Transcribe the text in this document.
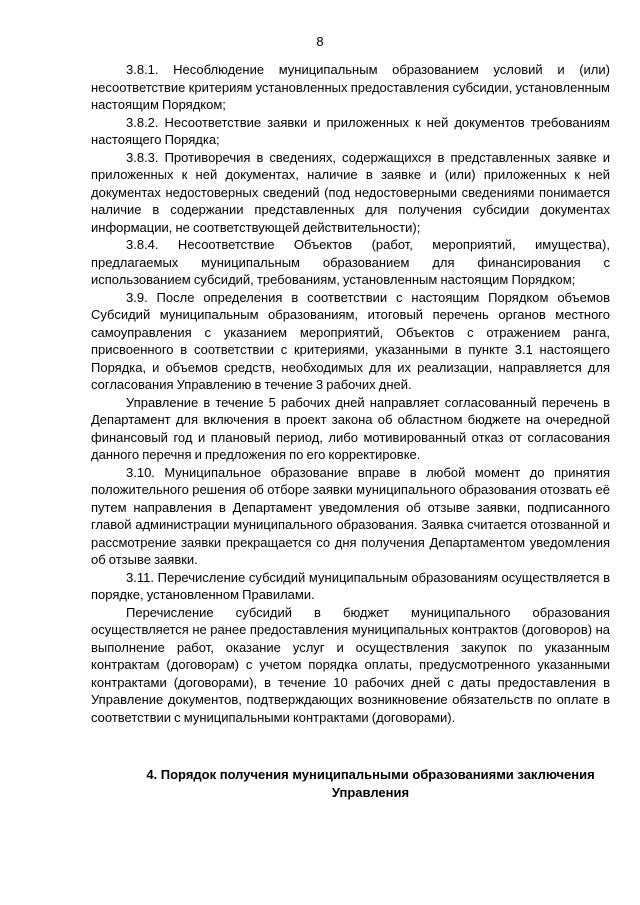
8

3.8.1. Несоблюдение муниципальным образованием условий и (или) несоответствие критериям установленных предоставления субсидии, установленным настоящим Порядком;

3.8.2. Несоответствие заявки и приложенных к ней документов требованиям настоящего Порядка;

3.8.3. Противоречия в сведениях, содержащихся в представленных заявке и приложенных к ней документах, наличие в заявке и (или) приложенных к ней документах недостоверных сведений (под недостоверными сведениями понимается наличие в содержании представленных для получения субсидии документах информации, не соответствующей действительности);

3.8.4. Несоответствие Объектов (работ, мероприятий, имущества), предлагаемых муниципальным образованием для финансирования с использованием субсидий, требованиям, установленным настоящим Порядком;

3.9. После определения в соответствии с настоящим Порядком объемов Субсидий муниципальным образованиям, итоговый перечень органов местного самоуправления с указанием мероприятий, Объектов с отражением ранга, присвоенного в соответствии с критериями, указанными в пункте 3.1 настоящего Порядка, и объемов средств, необходимых для их реализации, направляется для согласования Управлению в течение 3 рабочих дней.

Управление в течение 5 рабочих дней направляет согласованный перечень в Департамент для включения в проект закона об областном бюджете на очередной финансовый год и плановый период, либо мотивированный отказ от согласования данного перечня и предложения по его корректировке.

3.10. Муниципальное образование вправе в любой момент до принятия положительного решения об отборе заявки муниципального образования отозвать её путем направления в Департамент уведомления об отзыве заявки, подписанного главой администрации муниципального образования. Заявка считается отозванной и рассмотрение заявки прекращается со дня получения Департаментом уведомления об отзыве заявки.

3.11. Перечисление субсидий муниципальным образованиям осуществляется в порядке, установленном Правилами.

Перечисление субсидий в бюджет муниципального образования осуществляется не ранее предоставления муниципальных контрактов (договоров) на выполнение работ, оказание услуг и осуществления закупок по указанным контрактам (договорам) с учетом порядка оплаты, предусмотренного указанными контрактами (договорами), в течение 10 рабочих дней с даты предоставления в Управление документов, подтверждающих возникновение обязательств по оплате в соответствии с муниципальными контрактами (договорами).

4. Порядок получения муниципальными образованиями заключения Управления
